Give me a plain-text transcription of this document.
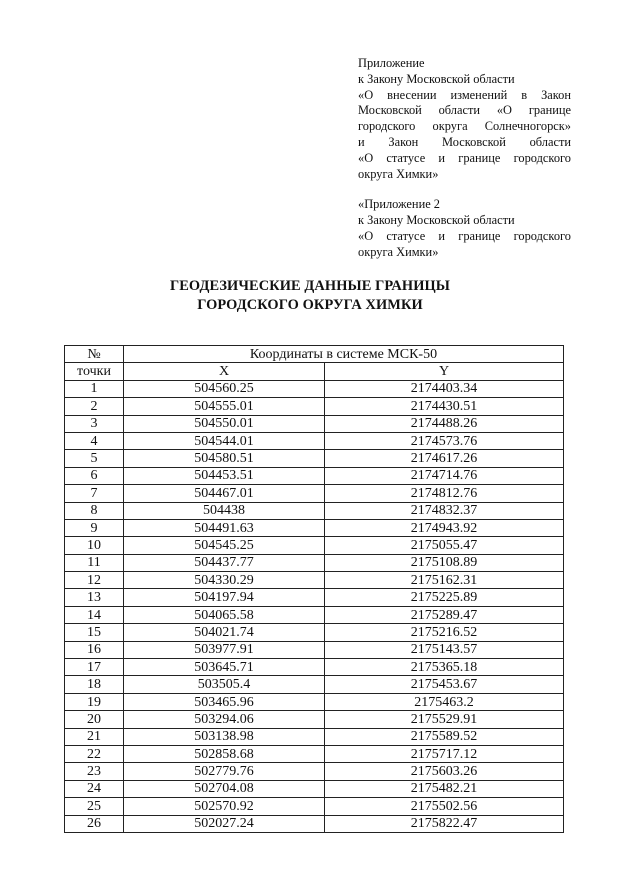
Приложение
к Закону Московской области
«О внесении изменений в Закон
Московской области «О границе
городского округа Солнечногорск»
и Закон Московской области
«О статусе и границе городского
округа Химки»
«Приложение 2
к Закону Московской области
«О статусе и границе городского
округа Химки»
ГЕОДЕЗИЧЕСКИЕ ДАННЫЕ ГРАНИЦЫ
ГОРОДСКОГО ОКРУГА ХИМКИ
№	Координаты в системе МСК-50	
точки	X	Y
1	504560.25	2174403.34
2	504555.01	2174430.51
3	504550.01	2174488.26
4	504544.01	2174573.76
5	504580.51	2174617.26
6	504453.51	2174714.76
7	504467.01	2174812.76
8	504438	2174832.37
9	504491.63	2174943.92
10	504545.25	2175055.47
11	504437.77	2175108.89
12	504330.29	2175162.31
13	504197.94	2175225.89
14	504065.58	2175289.47
15	504021.74	2175216.52
16	503977.91	2175143.57
17	503645.71	2175365.18
18	503505.4	2175453.67
19	503465.96	2175463.2
20	503294.06	2175529.91
21	503138.98	2175589.52
22	502858.68	2175717.12
23	502779.76	2175603.26
24	502704.08	2175482.21
25	502570.92	2175502.56
26	502027.24	2175822.47
